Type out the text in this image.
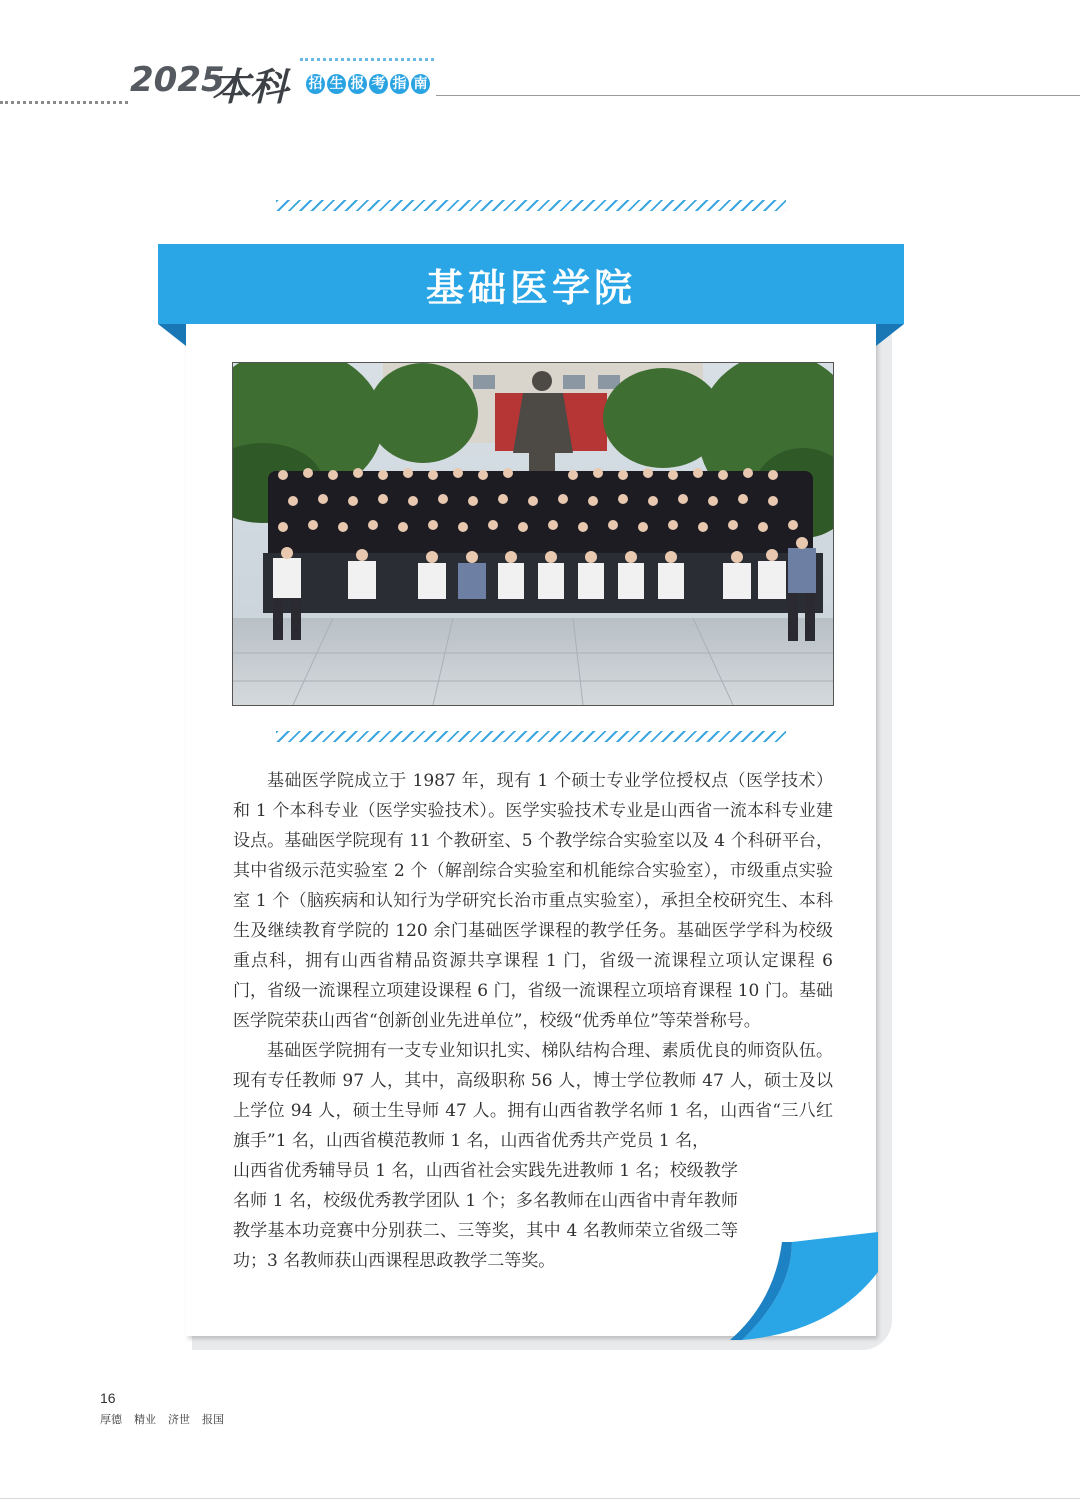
2025
本科 招 生 报 考 指 南
基础医学院

基础医学院成立于 1987 年，现有 1 个硕士专业学位授权点（医学技术）和 1 个本科专业（医学实验技术）。医学实验技术专业是山西省一流本科专业建设点。基础医学院现有 11 个教研室、5 个教学综合实验室以及 4 个科研平台，其中省级示范实验室 2 个（解剖综合实验室和机能综合实验室），市级重点实验室 1 个（脑疾病和认知行为学研究长治市重点实验室），承担全校研究生、本科生及继续教育学院的 120 余门基础医学课程的教学任务。基础医学学科为校级重点科，拥有山西省精品资源共享课程 1 门，省级一流课程立项认定课程 6 门，省级一流课程立项建设课程 6 门，省级一流课程立项培育课程 10 门。基础医学院荣获山西省“创新创业先进单位”，校级“优秀单位”等荣誉称号。

基础医学院拥有一支专业知识扎实、梯队结构合理、素质优良的师资队伍。现有专任教师 97 人，其中，高级职称 56 人，博士学位教师 47 人，硕士及以上学位 94 人，硕士生导师 47 人。拥有山西省教学名师 1 名，山西省“三八红旗手”1 名，山西省模范教师 1 名，山西省优秀共产党员 1 名，

山西省优秀辅导员 1 名，山西省社会实践先进教师 1 名；校级教学名师 1 名，校级优秀教学团队 1 个；多名教师在山西省中青年教师教学基本功竞赛中分别获二、三等奖，其中 4 名教师荣立省级二等功；3 名教师获山西课程思政教学二等奖。

16
厚德 精业 济世 报国
